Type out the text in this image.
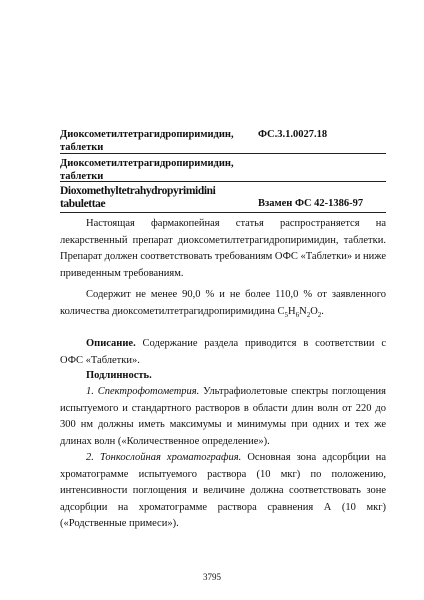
Диоксометилтетрагидропиримидин, таблетки
ФС.3.1.0027.18
Диоксометилтетрагидропиримидин, таблетки
Dioxomethyltetrahydropyrimidini tabulettae	Взамен ФС 42-1386-97
Настоящая фармакопейная статья распространяется на лекарственный препарат диоксометилтетрагидропиримидин, таблетки. Препарат должен соответствовать требованиям ОФС «Таблетки» и ниже приведенным требованиям.
Содержит не менее 90,0 % и не более 110,0 % от заявленного количества диоксометилтетрагидропиримидина $C_5H_6N_2O_2$.
Описание. Содержание раздела приводится в соответствии с ОФС «Таблетки».
Подлинность.
1. Спектрофотометрия. Ультрафиолетовые спектры поглощения испытуемого и стандартного растворов в области длин волн от 220 до 300 нм должны иметь максимумы и минимумы при одних и тех же длинах волн («Количественное определение»).
2. Тонкослойная хроматография. Основная зона адсорбции на хроматограмме испытуемого раствора (10 мкг) по положению, интенсивности поглощения и величине должна соответствовать зоне адсорбции на хроматограмме раствора сравнения А (10 мкг) («Родственные примеси»).
3795
